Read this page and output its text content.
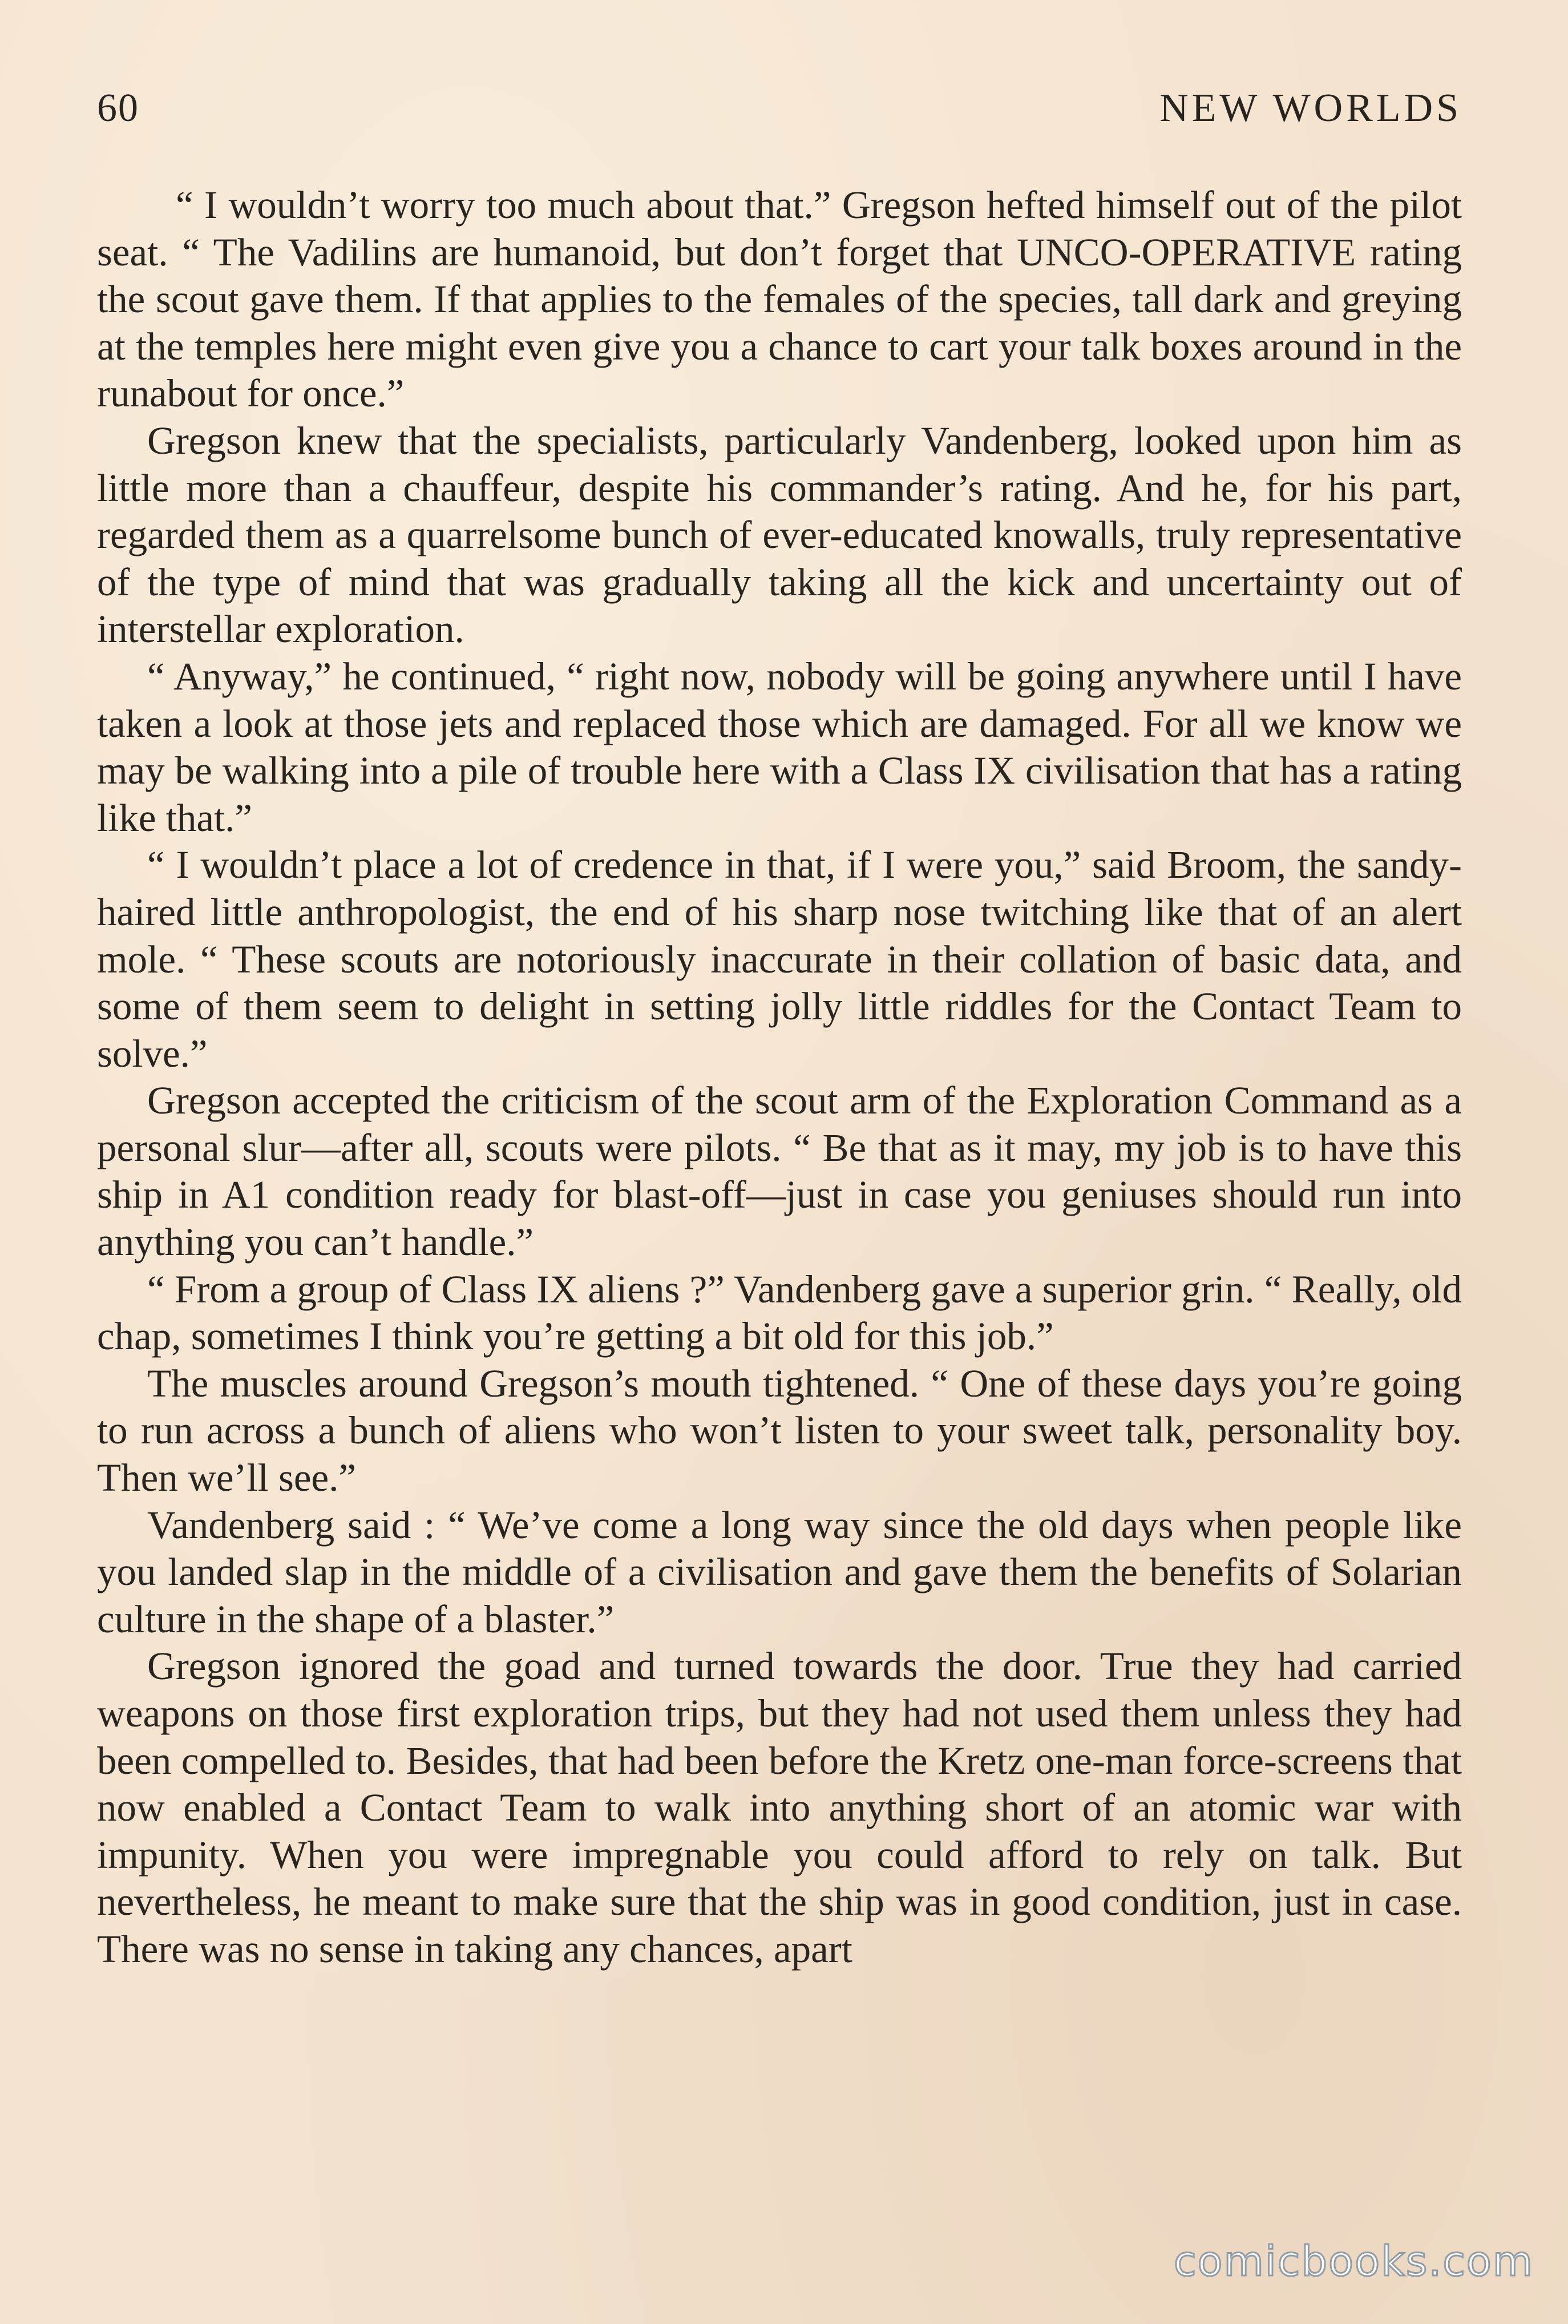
60	NEW WORLDS

“ I wouldn’t worry too much about that.” Gregson hefted himself out of the pilot seat. “ The Vadilins are humanoid, but don’t forget that UNCO-OPERATIVE rating the scout gave them. If that applies to the females of the species, tall dark and greying at the temples here might even give you a chance to cart your talk boxes around in the runabout for once.”

Gregson knew that the specialists, particularly Vandenberg, looked upon him as little more than a chauffeur, despite his commander’s rating. And he, for his part, regarded them as a quarrelsome bunch of ever-educated knowalls, truly representative of the type of mind that was gradually taking all the kick and uncertainty out of interstellar exploration.

“ Anyway,” he continued, “ right now, nobody will be going anywhere until I have taken a look at those jets and replaced those which are damaged. For all we know we may be walking into a pile of trouble here with a Class IX civilisation that has a rating like that.”

“ I wouldn’t place a lot of credence in that, if I were you,” said Broom, the sandy-haired little anthropologist, the end of his sharp nose twitching like that of an alert mole. “ These scouts are notoriously inaccurate in their collation of basic data, and some of them seem to delight in setting jolly little riddles for the Contact Team to solve.”

Gregson accepted the criticism of the scout arm of the Exploration Command as a personal slur—after all, scouts were pilots. “ Be that as it may, my job is to have this ship in A1 condition ready for blast-off—just in case you geniuses should run into anything you can’t handle.”

“ From a group of Class IX aliens ?” Vandenberg gave a superior grin. “ Really, old chap, sometimes I think you’re getting a bit old for this job.”

The muscles around Gregson’s mouth tightened. “ One of these days you’re going to run across a bunch of aliens who won’t listen to your sweet talk, personality boy. Then we’ll see.”

Vandenberg said : “ We’ve come a long way since the old days when people like you landed slap in the middle of a civilisation and gave them the benefits of Solarian culture in the shape of a blaster.”

Gregson ignored the goad and turned towards the door. True they had carried weapons on those first exploration trips, but they had not used them unless they had been compelled to. Besides, that had been before the Kretz one-man force-screens that now enabled a Contact Team to walk into anything short of an atomic war with impunity. When you were impregnable you could afford to rely on talk. But nevertheless, he meant to make sure that the ship was in good condition, just in case. There was no sense in taking any chances, apart

comicbooks.com
